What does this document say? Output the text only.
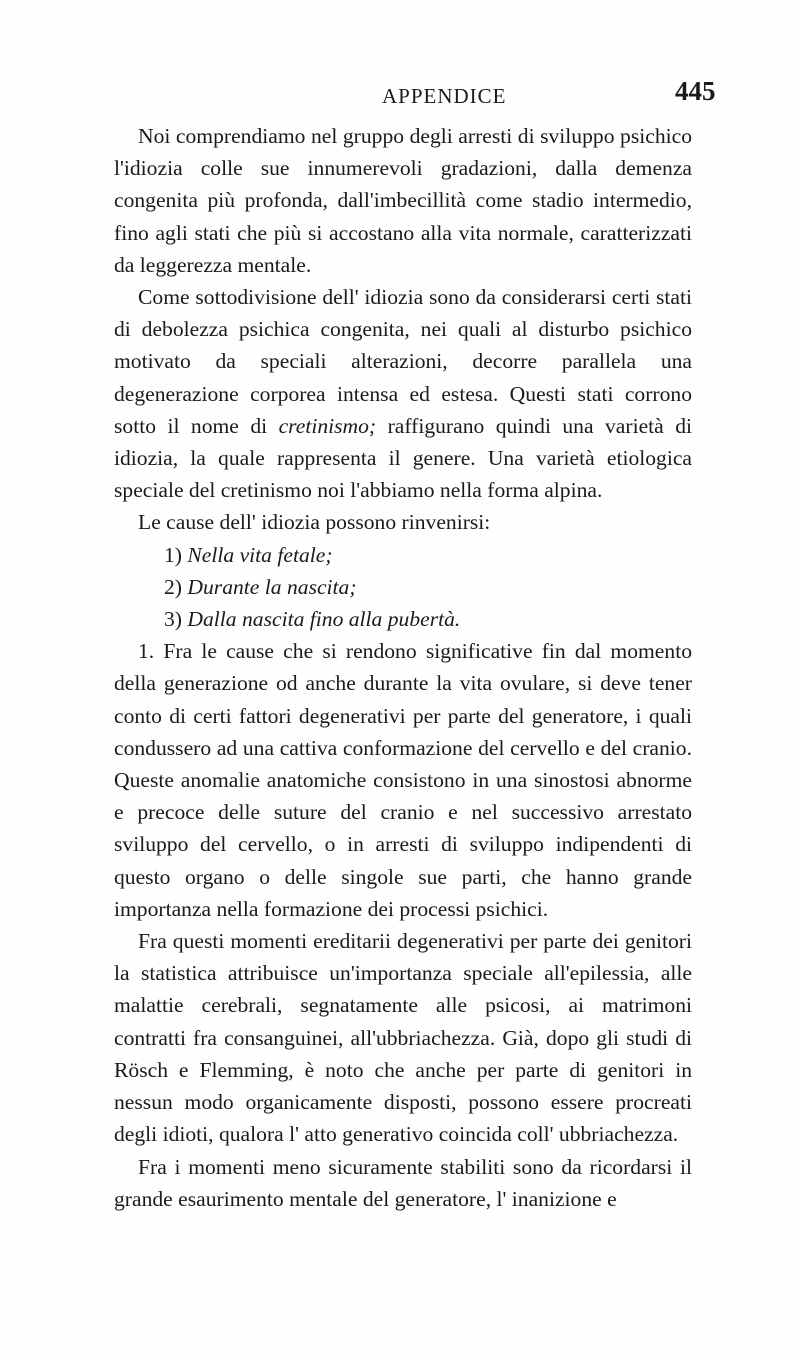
APPENDICE	445

Noi comprendiamo nel gruppo degli arresti di sviluppo psichico l'idiozia colle sue innumerevoli gradazioni, dalla demenza congenita più profonda, dall'imbecillità come stadio intermedio, fino agli stati che più si accostano alla vita normale, caratterizzati da leggerezza mentale.

Come sottodivisione dell' idiozia sono da considerarsi certi stati di debolezza psichica congenita, nei quali al disturbo psichico motivato da speciali alterazioni, decorre parallela una degenerazione corporea intensa ed estesa. Questi stati corrono sotto il nome di cretinismo; raffigurano quindi una varietà di idiozia, la quale rappresenta il genere. Una varietà etiologica speciale del cretinismo noi l'abbiamo nella forma alpina.

Le cause dell' idiozia possono rinvenirsi:

1) Nella vita fetale;

2) Durante la nascita;

3) Dalla nascita fino alla pubertà.

1. Fra le cause che si rendono significative fin dal momento della generazione od anche durante la vita ovulare, si deve tener conto di certi fattori degenerativi per parte del generatore, i quali condussero ad una cattiva conformazione del cervello e del cranio. Queste anomalie anatomiche consistono in una sinostosi abnorme e precoce delle suture del cranio e nel successivo arrestato sviluppo del cervello, o in arresti di sviluppo indipendenti di questo organo o delle singole sue parti, che hanno grande importanza nella formazione dei processi psichici.

Fra questi momenti ereditarii degenerativi per parte dei genitori la statistica attribuisce un'importanza speciale all'epilessia, alle malattie cerebrali, segnatamente alle psicosi, ai matrimoni contratti fra consanguinei, all'ubbriachezza. Già, dopo gli studi di Rösch e Flemming, è noto che anche per parte di genitori in nessun modo organicamente disposti, possono essere procreati degli idioti, qualora l' atto generativo coincida coll' ubbriachezza.

Fra i momenti meno sicuramente stabiliti sono da ricordarsi il grande esaurimento mentale del generatore, l' inanizione e
